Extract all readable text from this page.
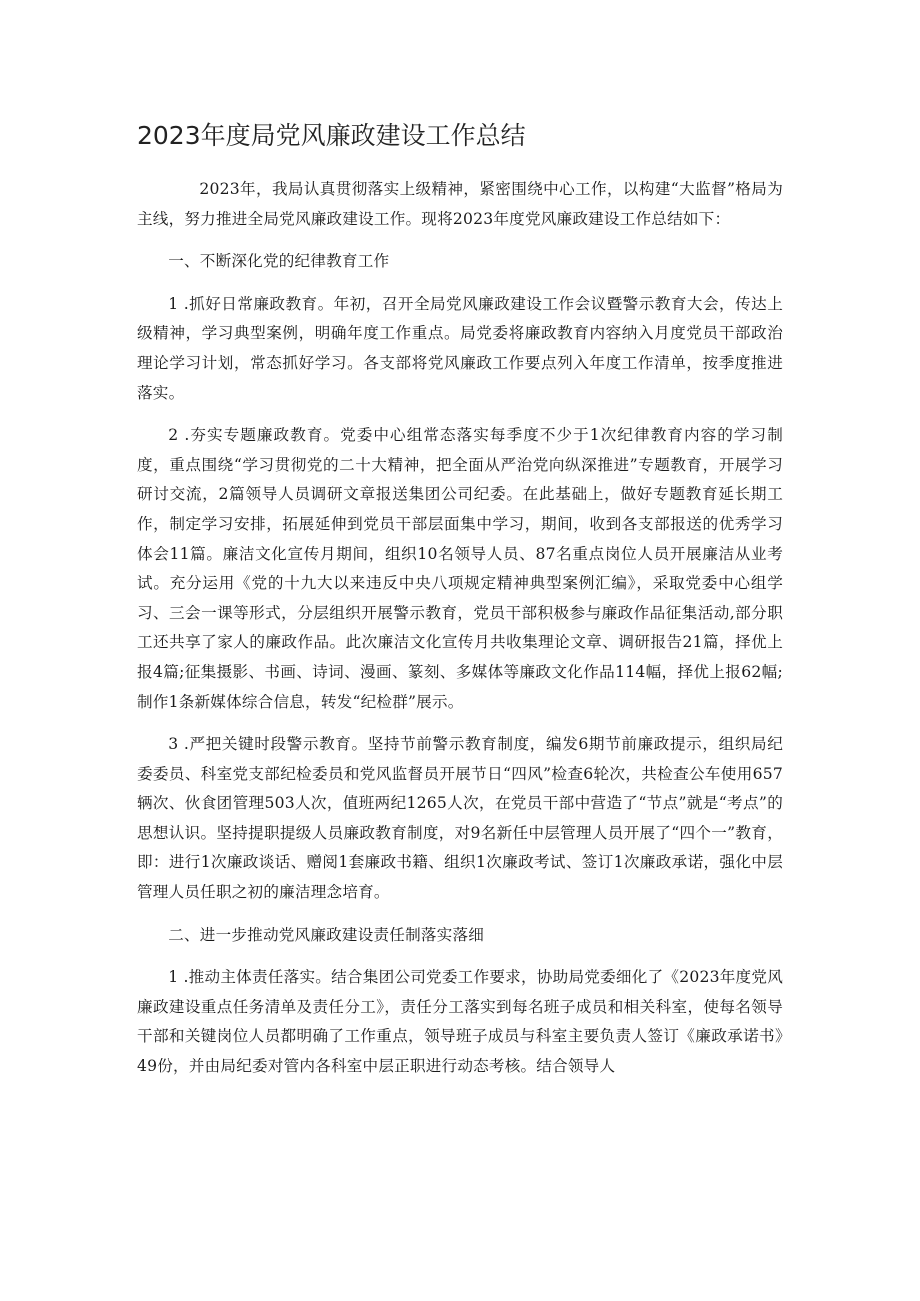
2023年度局党风廉政建设工作总结

2023年，我局认真贯彻落实上级精神，紧密围绕中心工作，以构建“大监督”格局为主线，努力推进全局党风廉政建设工作。现将2023年度党风廉政建设工作总结如下：

一、不断深化党的纪律教育工作

1 .抓好日常廉政教育。年初，召开全局党风廉政建设工作会议暨警示教育大会，传达上级精神，学习典型案例，明确年度工作重点。局党委将廉政教育内容纳入月度党员干部政治理论学习计划，常态抓好学习。各支部将党风廉政工作要点列入年度工作清单，按季度推进落实。

2 .夯实专题廉政教育。党委中心组常态落实每季度不少于1次纪律教育内容的学习制度，重点围绕“学习贯彻党的二十大精神，把全面从严治党向纵深推进”专题教育，开展学习研讨交流，2篇领导人员调研文章报送集团公司纪委。在此基础上，做好专题教育延长期工作，制定学习安排，拓展延伸到党员干部层面集中学习，期间，收到各支部报送的优秀学习体会11篇。廉洁文化宣传月期间，组织10名领导人员、87名重点岗位人员开展廉洁从业考试。充分运用《党的十九大以来违反中央八项规定精神典型案例汇编》，采取党委中心组学习、三会一课等形式，分层组织开展警示教育，党员干部积极参与廉政作品征集活动,部分职工还共享了家人的廉政作品。此次廉洁文化宣传月共收集理论文章、调研报告21篇，择优上报4篇;征集摄影、书画、诗词、漫画、篆刻、多媒体等廉政文化作品114幅，择优上报62幅;制作1条新媒体综合信息，转发“纪检群”展示。

3 .严把关键时段警示教育。坚持节前警示教育制度，编发6期节前廉政提示，组织局纪委委员、科室党支部纪检委员和党风监督员开展节日“四风”检查6轮次，共检查公车使用657辆次、伙食团管理503人次，值班两纪1265人次，在党员干部中营造了“节点”就是“考点”的思想认识。坚持提职提级人员廉政教育制度，对9名新任中层管理人员开展了“四个一”教育，即：进行1次廉政谈话、赠阅1套廉政书籍、组织1次廉政考试、签订1次廉政承诺，强化中层管理人员任职之初的廉洁理念培育。

二、进一步推动党风廉政建设责任制落实落细

1 .推动主体责任落实。结合集团公司党委工作要求，协助局党委细化了《2023年度党风廉政建设重点任务清单及责任分工》，责任分工落实到每名班子成员和相关科室，使每名领导干部和关键岗位人员都明确了工作重点，领导班子成员与科室主要负责人签订《廉政承诺书》49份，并由局纪委对管内各科室中层正职进行动态考核。结合领导人
